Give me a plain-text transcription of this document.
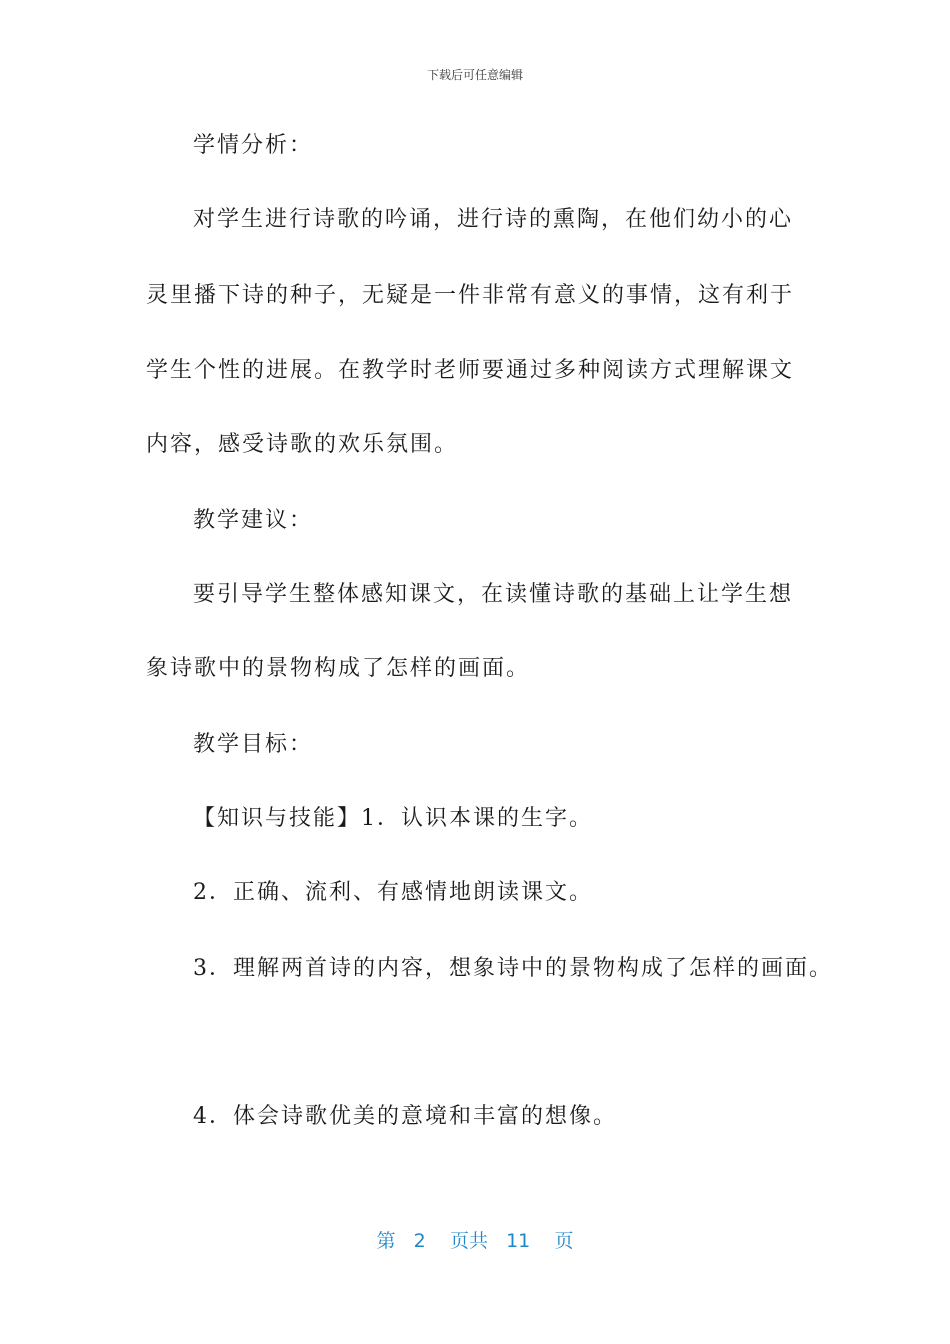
下载后可任意编辑
学情分析：
对学生进行诗歌的吟诵，进行诗的熏陶，在他们幼小的心
灵里播下诗的种子，无疑是一件非常有意义的事情，这有利于
学生个性的进展。在教学时老师要通过多种阅读方式理解课文
内容，感受诗歌的欢乐氛围。
教学建议：
要引导学生整体感知课文，在读懂诗歌的基础上让学生想
象诗歌中的景物构成了怎样的画面。
教学目标：
【知识与技能】1．认识本课的生字。
2．正确、流利、有感情地朗读课文。
3．理解两首诗的内容，想象诗中的景物构成了怎样的画面。
4．体会诗歌优美的意境和丰富的想像。
第 2 页共 11 页
